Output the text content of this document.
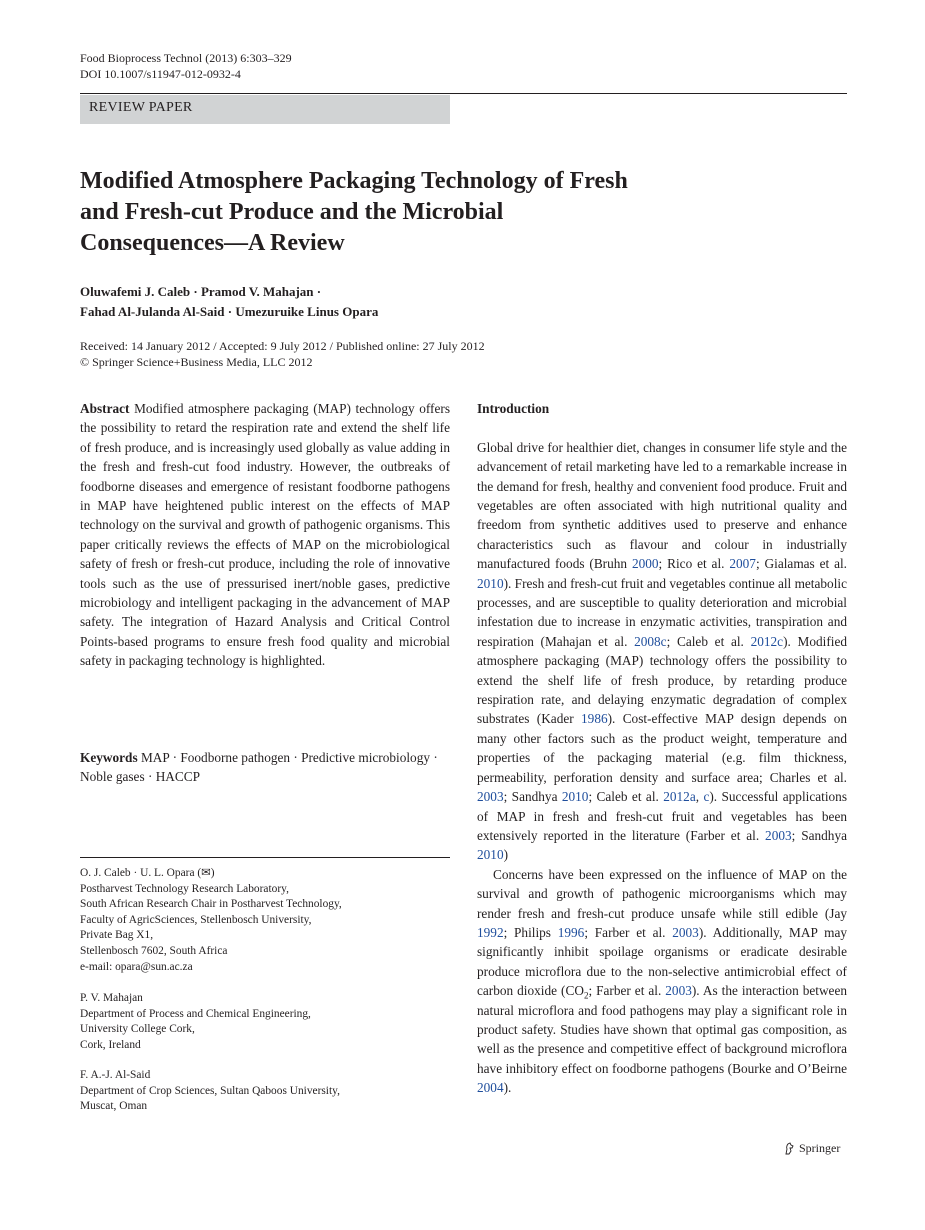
Food Bioprocess Technol (2013) 6:303–329
DOI 10.1007/s11947-012-0932-4
REVIEW PAPER
Modified Atmosphere Packaging Technology of Fresh
and Fresh-cut Produce and the Microbial
Consequences—A Review
Oluwafemi J. Caleb · Pramod V. Mahajan ·
Fahad Al-Julanda Al-Said · Umezuruike Linus Opara
Received: 14 January 2012 / Accepted: 9 July 2012 / Published online: 27 July 2012
© Springer Science+Business Media, LLC 2012
Abstract Modified atmosphere packaging (MAP) technology offers the possibility to retard the respiration rate and extend the shelf life of fresh produce, and is increasingly used globally as value adding in the fresh and fresh-cut food industry. However, the outbreaks of foodborne diseases and emergence of resistant foodborne pathogens in MAP have heightened public interest on the effects of MAP technology on the survival and growth of pathogenic organisms. This paper critically reviews the effects of MAP on the microbiological safety of fresh or fresh-cut produce, including the role of innovative tools such as the use of pressurised inert/noble gases, predictive microbiology and intelligent packaging in the advancement of MAP safety. The integration of Hazard Analysis and Critical Control Points-based programs to ensure fresh food quality and microbial safety in packaging technology is highlighted.
Keywords MAP · Foodborne pathogen · Predictive microbiology · Noble gases · HACCP
O. J. Caleb · U. L. Opara (✉)
Postharvest Technology Research Laboratory,
South African Research Chair in Postharvest Technology,
Faculty of AgricSciences, Stellenbosch University,
Private Bag X1,
Stellenbosch 7602, South Africa
e-mail: opara@sun.ac.za
P. V. Mahajan
Department of Process and Chemical Engineering,
University College Cork,
Cork, Ireland
F. A.-J. Al-Said
Department of Crop Sciences, Sultan Qaboos University,
Muscat, Oman
Introduction

Global drive for healthier diet, changes in consumer life style and the advancement of retail marketing have led to a remarkable increase in the demand for fresh, healthy and convenient food produce. Fruit and vegetables are often associated with high nutritional quality and freedom from synthetic additives used to preserve and enhance characteristics such as flavour and colour in industrially manufactured foods (Bruhn 2000; Rico et al. 2007; Gialamas et al. 2010). Fresh and fresh-cut fruit and vegetables continue all metabolic processes, and are susceptible to quality deterioration and microbial infestation due to increase in enzymatic activities, transpiration and respiration (Mahajan et al. 2008c; Caleb et al. 2012c). Modified atmosphere packaging (MAP) technology offers the possibility to extend the shelf life of fresh produce, by retarding produce respiration rate, and delaying enzymatic degradation of complex substrates (Kader 1986). Cost-effective MAP design depends on many other factors such as the product weight, temperature and properties of the packaging material (e.g. film thickness, permeability, perforation density and surface area; Charles et al. 2003; Sandhya 2010; Caleb et al. 2012a, c). Successful applications of MAP in fresh and fresh-cut fruit and vegetables has been extensively reported in the literature (Farber et al. 2003; Sandhya 2010)

Concerns have been expressed on the influence of MAP on the survival and growth of pathogenic microorganisms which may render fresh and fresh-cut produce unsafe while still edible (Jay 1992; Philips 1996; Farber et al. 2003). Additionally, MAP may significantly inhibit spoilage organisms or eradicate desirable produce microflora due to the non-selective antimicrobial effect of carbon dioxide ($CO_2$; Farber et al. 2003). As the interaction between natural microflora and food pathogens may play a significant role in product safety. Studies have shown that optimal gas composition, as well as the presence and competitive effect of background microflora have inhibitory effect on foodborne pathogens (Bourke and O’Beirne 2004).

Springer
